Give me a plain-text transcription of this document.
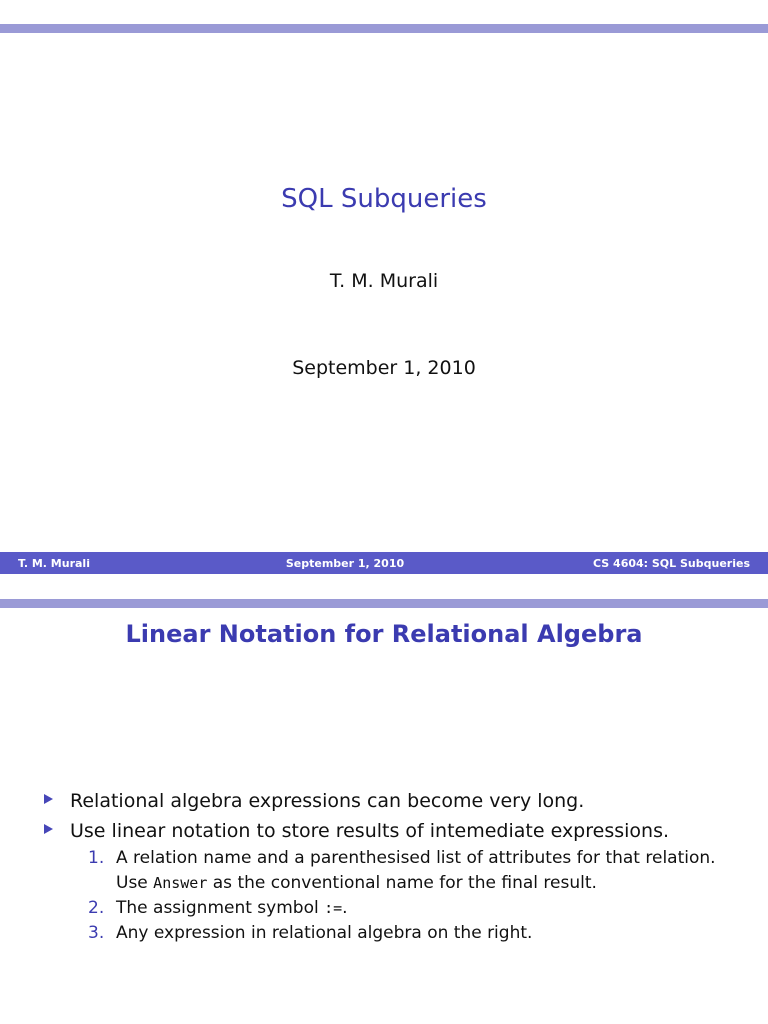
SQL Subqueries
T. M. Murali
September 1, 2010
T. M. Murali	September 1, 2010	CS 4604: SQL Subqueries
Linear Notation for Relational Algebra
Relational algebra expressions can become very long.
Use linear notation to store results of intemediate expressions.
1. A relation name and a parenthesised list of attributes for that relation.
Use Answer as the conventional name for the final result.
2. The assignment symbol :=.
3. Any expression in relational algebra on the right.
